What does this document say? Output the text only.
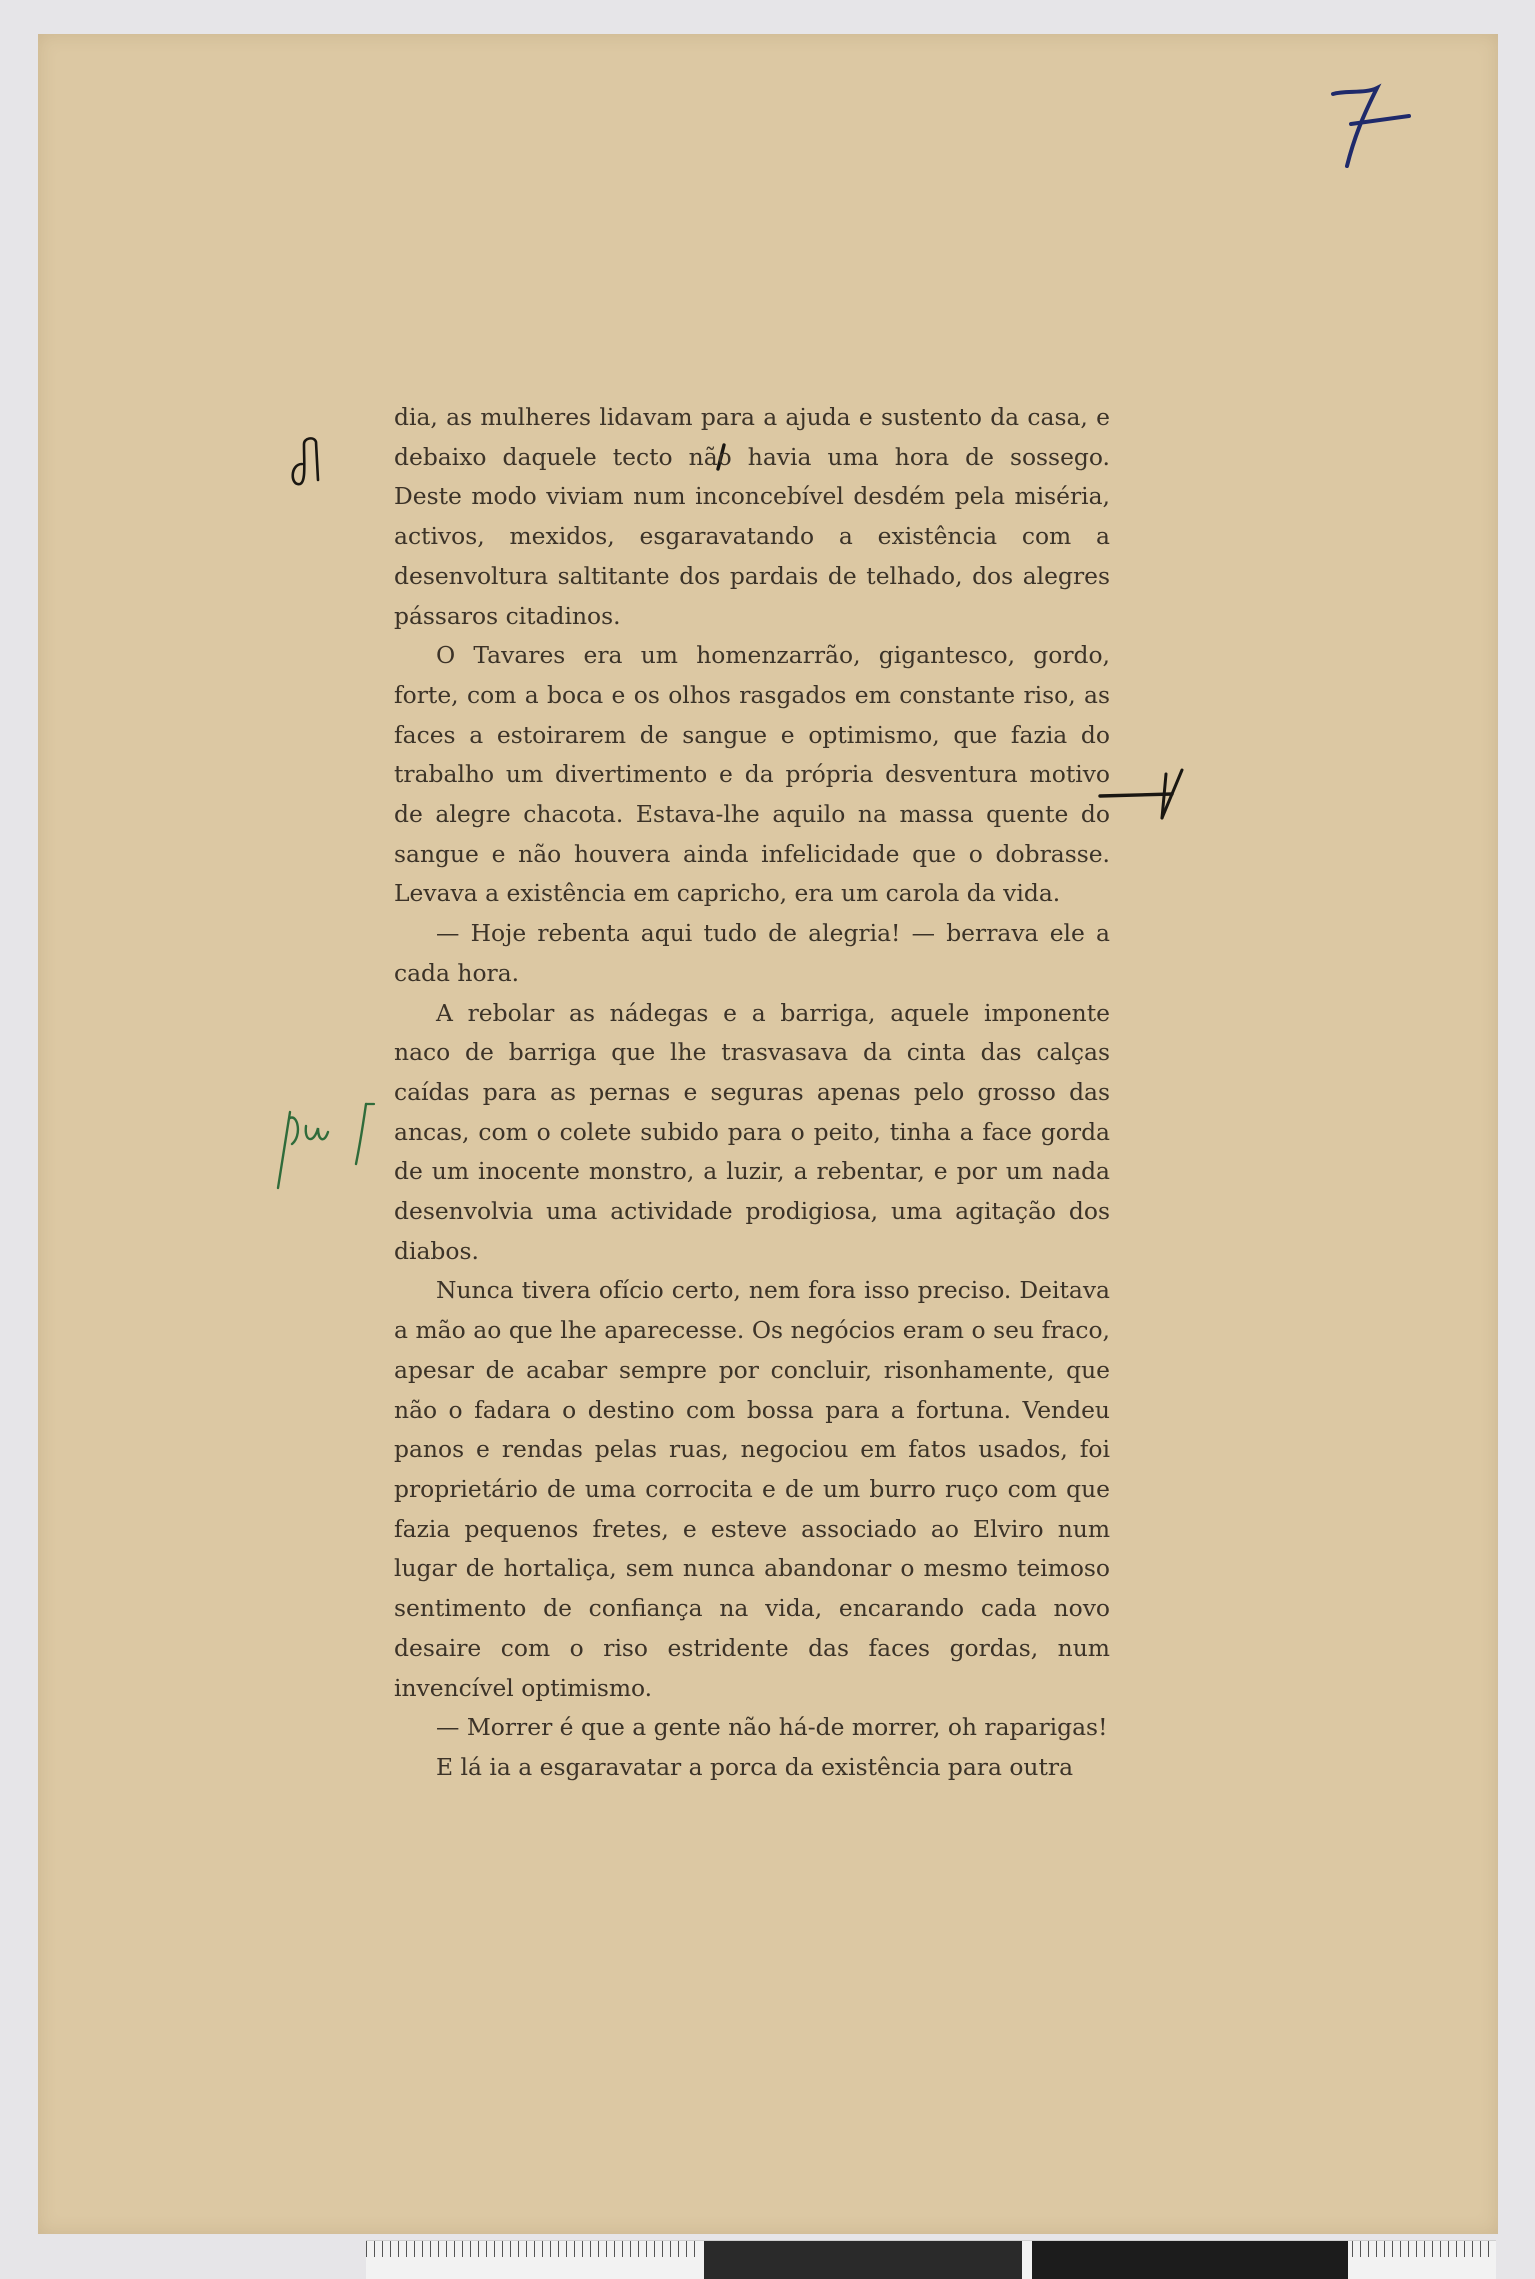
dia, as mulheres lidavam para a ajuda e sustento da casa, e debaixo daquele tecto não havia uma hora de sossego. Deste modo viviam num inconcebível desdém pela miséria, activos, mexidos, esgaravatando a existência com a desenvoltura saltitante dos pardais de telhado, dos alegres pássaros citadinos.

O Tavares era um homenzarrão, gigantesco, gordo, forte, com a boca e os olhos rasgados em constante riso, as faces a estoirarem de sangue e optimismo, que fazia do trabalho um divertimento e da própria desventura motivo de alegre chacota. Estava-lhe aquilo na massa quente do sangue e não houvera ainda infelicidade que o dobrasse. Levava a existência em capricho, era um carola da vida.

— Hoje rebenta aqui tudo de alegria! — berrava ele a cada hora.

A rebolar as nádegas e a barriga, aquele imponente naco de barriga que lhe trasvasava da cinta das calças caídas para as pernas e seguras apenas pelo grosso das ancas, com o colete subido para o peito, tinha a face gorda de um inocente monstro, a luzir, a rebentar, e por um nada desenvolvia uma actividade prodigiosa, uma agitação dos diabos.

Nunca tivera ofício certo, nem fora isso preciso. Deitava a mão ao que lhe aparecesse. Os negócios eram o seu fraco, apesar de acabar sempre por concluir, risonhamente, que não o fadara o destino com bossa para a fortuna. Vendeu panos e rendas pelas ruas, negociou em fatos usados, foi proprietário de uma corrocita e de um burro ruço com que fazia pequenos fretes, e esteve associado ao Elviro num lugar de hortaliça, sem nunca abandonar o mesmo teimoso sentimento de confiança na vida, encarando cada novo desaire com o riso estridente das faces gordas, num invencível optimismo.

— Morrer é que a gente não há-de morrer, oh raparigas!

E lá ia a esgaravatar a porca da existência para outra
